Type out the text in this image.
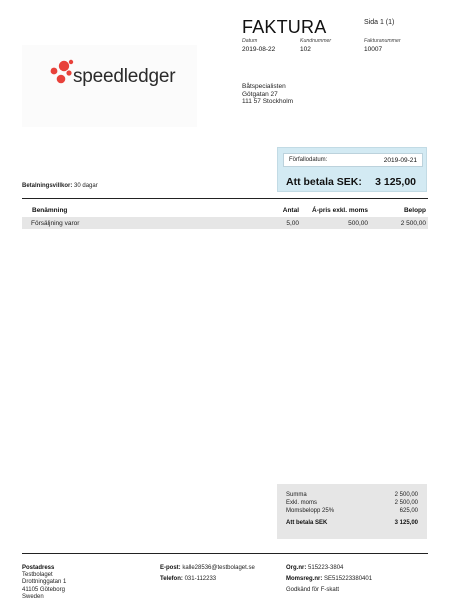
speedledger
FAKTURA	Sida 1 (1)
Datum
2019-08-22
Kundnummer
102
Fakturanummer
10007
Båtspecialisten
Götgatan 27
111 57 Stockholm
Förfallodatum:	2019-09-21
Att betala SEK: 3 125,00
Betalningsvillkor: 30 dagar
Benämning	Antal Á-pris exkl. moms	Belopp
Försäljning varor	5,00	500,00	2 500,00
Summa	2 500,00
Exkl. moms	2 500,00
Momsbelopp 25%	625,00
Att betala SEK	3 125,00
Postadress
Testbolaget
Drottninggatan 1
41105 Göteborg
Sweden
E-post: kalle28536@testbolaget.se
Telefon: 031-112233
Org.nr: 515223-3804
Momsreg.nr: SE515223380401
Godkänd för F-skatt
